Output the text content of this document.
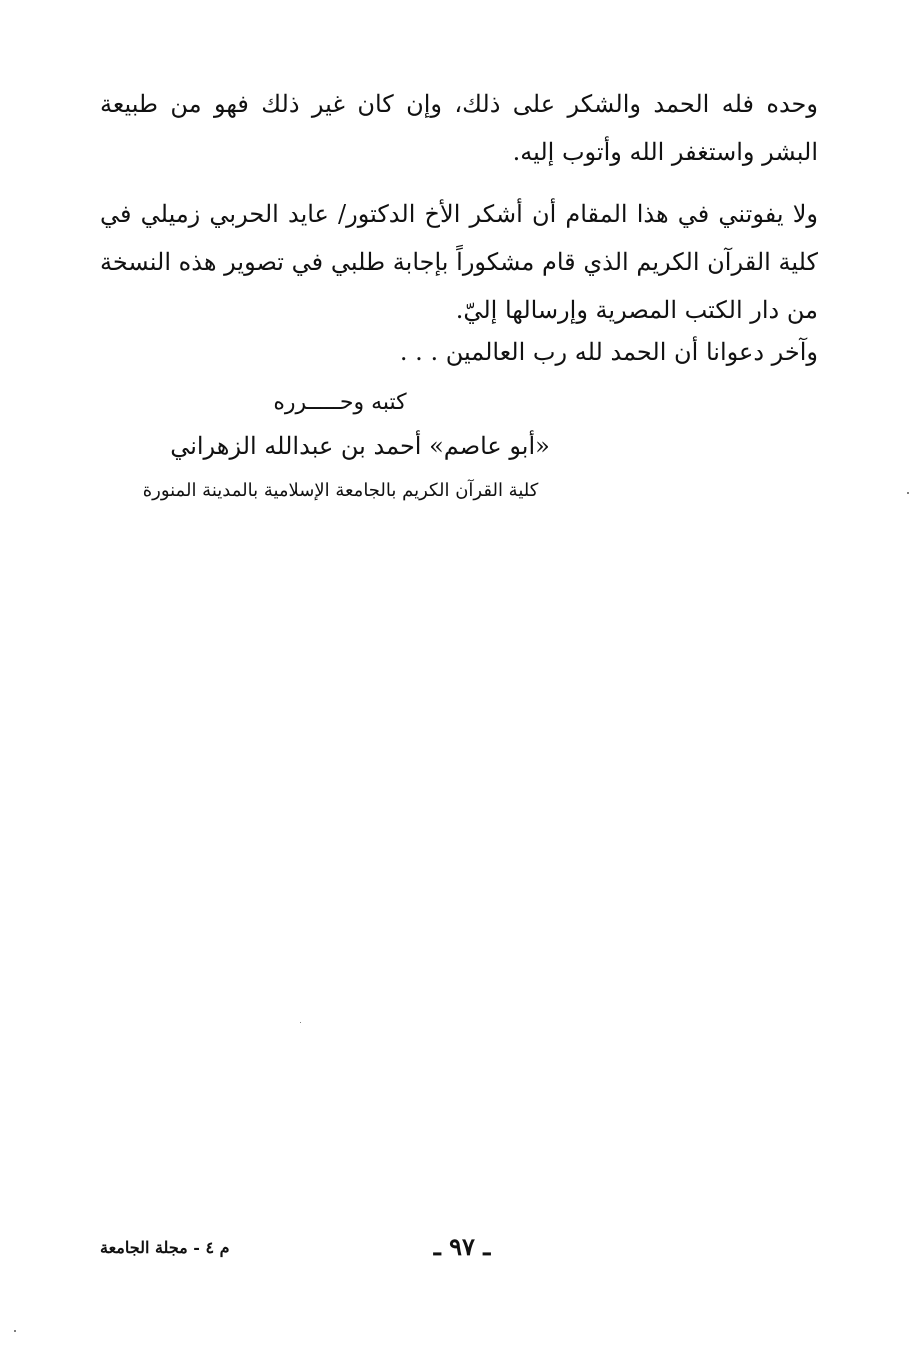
وحده فله الحمد والشكر على ذلك، وإن كان غير ذلك فهو من طبيعة البشر واستغفر الله وأتوب إليه.
ولا يفوتني في هذا المقام أن أشكر الأخ الدكتور/ عايد الحربي زميلي في كلية القرآن الكريم الذي قام مشكوراً بإجابة طلبي في تصوير هذه النسخة من دار الكتب المصرية وإرسالها إليّ.
وآخر دعوانا أن الحمد لله رب العالمين . . .
كتبه وحـــــرره
«أبو عاصم» أحمد بن عبدالله الزهراني
كلية القرآن الكريم بالجامعة الإسلامية بالمدينة المنورة
م ٤ - مجلة الجامعة	ـ ٩٧ ـ
